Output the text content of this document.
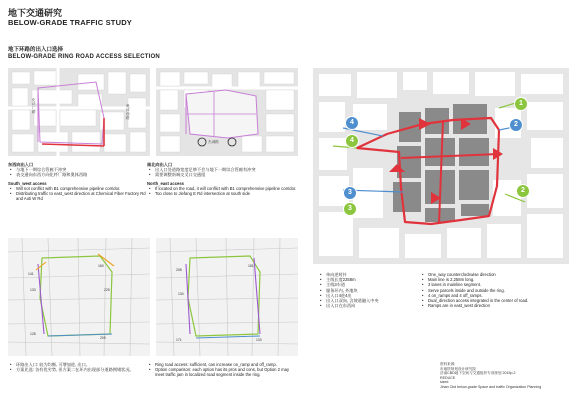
地下交通研究
BELOW-GRADE TRAFFIC STUDY
地下环路的出入口选择
BELOW-GRADE RING ROAD ACCESS SELECTION
化纤厂路
奥体西路
杰诚路
东西向出入口
• 与地下一期综合管廊不冲突
• 表交通向东西方向化纤厂路和奥体西路
South_west access
• Will not conflict with B1 comprehensive pipeline corridor.
• Distributing traffic to east_west direction at Chemical Fiber Factory Rd and Aoti W Rd
南北向出入口
• 出入口处道路宽度足够不会与地下一期综合管廊有冲突
• 需要调整南端交叉口交通组
North_east access
• If located on the road, it will conflict with B1 comprehensive pipeline corridor.
• Too close to Jiefang E Rd intersection at south side
141
160
133	225
128
205
208
181
134
171	133
• 环路出入口: 较为均衡, 可增加进, 出口。
• 方案比选: 各有优劣势, 但方案二在环内出现部分道路拥堵状况。
• Ring road access: sufficient, can increase on_ramp and off_ramp.
• Option comparison: each option has its pros and cons, but Option 2 may meet traffic jam in localized road segment inside the ring.
1
4
4
2
3
3
2
• 单向逆时针
• 主线长度2258m
• 主线3车道
• 服务环内, 外地块
• 出入口4进4出
• 出入口双向, 含坡道融入中央
• 出入口在东西向
• One_way counterclockwise direction
• Main line is 2,258m long.
• 3 lanes in mainline segment.
• Serve parcels inside and outside the ring.
• 4 on_ramps and 4 off_ramps.
• Dual_direction access integrated in the center of road.
• Ramps are in east_west direction
资料来源:
市地铁规划设计研究院
济南CBD地下空间与交通组织专项规划 2015p.2
REDUCE
sized
Jinan Cbd below-grade Space and traffic Organization Planning
